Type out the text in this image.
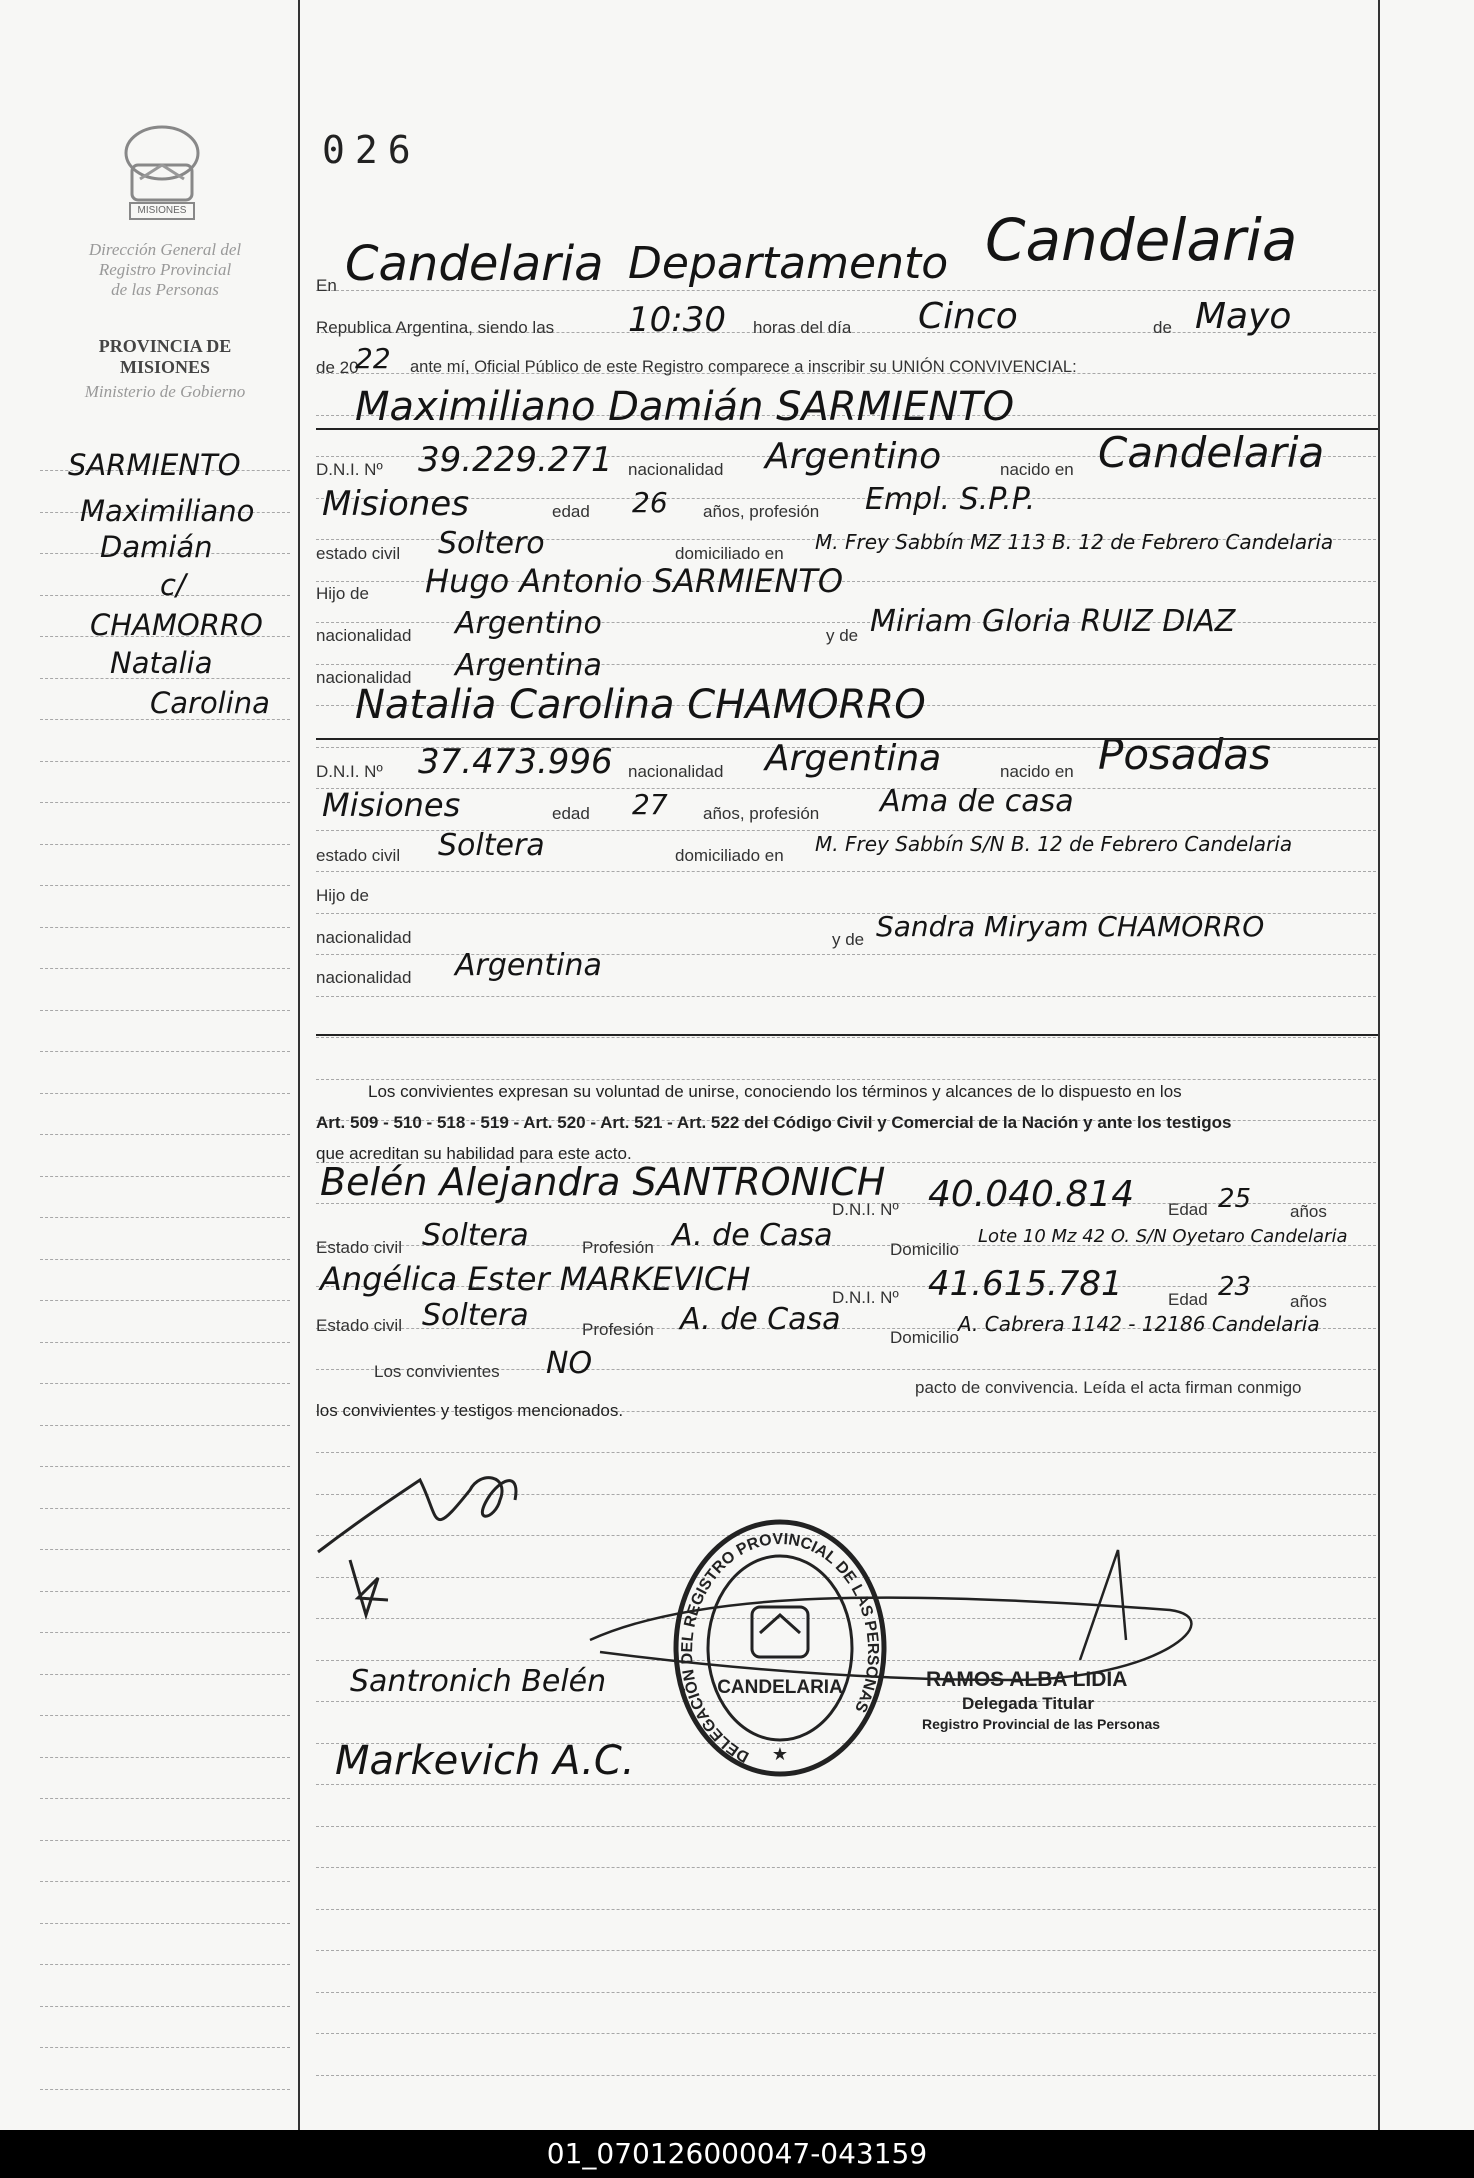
MISIONES
Dirección General del
Registro Provincial
de las Personas
PROVINCIA DE
MISIONES
Ministerio de Gobierno
SARMIENTO
Maximiliano
Damián
c/
CHAMORRO
Natalia
Carolina
026
En Candelaria Departamento Candelaria
Republica Argentina, siendo las 10:30 horas del día Cinco	de Mayo
de 20
22 ante mí, Oficial Público de este Registro comparece a inscribir su UNIÓN CONVIVENCIAL:
Maximiliano Damián SARMIENTO
D.N.I. Nº 39.229.271 nacionalidad Argentino	nacido en Candelaria
Misiones	edad 26 años, profesión Empl. S.P.P.
estado civil Soltero	domiciliado en M. Frey Sabbín MZ 113 B. 12 de Febrero Candelaria
Hijo de Hugo Antonio SARMIENTO
nacionalidad Argentino	y de Miriam Gloria RUIZ DIAZ
nacionalidad Argentina
Natalia Carolina CHAMORRO
D.N.I. Nº 37.473.996 nacionalidad Argentina	nacido en Posadas
Misiones	edad 27 años, profesión Ama de casa
estado civil Soltera	domiciliado en M. Frey Sabbín S/N B. 12 de Febrero Candelaria
Hijo de
nacionalidad	y de Sandra Miryam CHAMORRO
nacionalidad Argentina
Los convivientes expresan su voluntad de unirse, conociendo los términos y alcances de lo dispuesto en los
Art. 509 - 510 - 518 - 519 - Art. 520 - Art. 521 - Art. 522 del Código Civil y Comercial de la Nación y ante los testigos
que acreditan su habilidad para este acto.
Belén Alejandra SANTRONICH
D.N.I. Nº 40.040.814 Edad 25 años
Estado civil Soltera	Profesión A. de Casa	Domicilio
Lote 10 Mz 42 O. S/N Oyetaro Candelaria
Angélica Ester MARKEVICH	D.N.I. Nº 41.615.781	Edad 23 años
Estado civil Soltera	Profesión A. de Casa
Domicilio
A. Cabrera 1142 - 12186 Candelaria
Los convivientes NO
pacto de convivencia. Leída el acta firman conmigo
los convivientes y testigos mencionados.
Santronich Belén
Markevich A.C.	DELEGACIÓN DEL REGISTRO PROVINCIAL DE LAS PERSONAS
CANDELARIA
★
RAMOS ALBA LIDIA
Delegada Titular
Registro Provincial de las Personas
01_070126000047-043159
